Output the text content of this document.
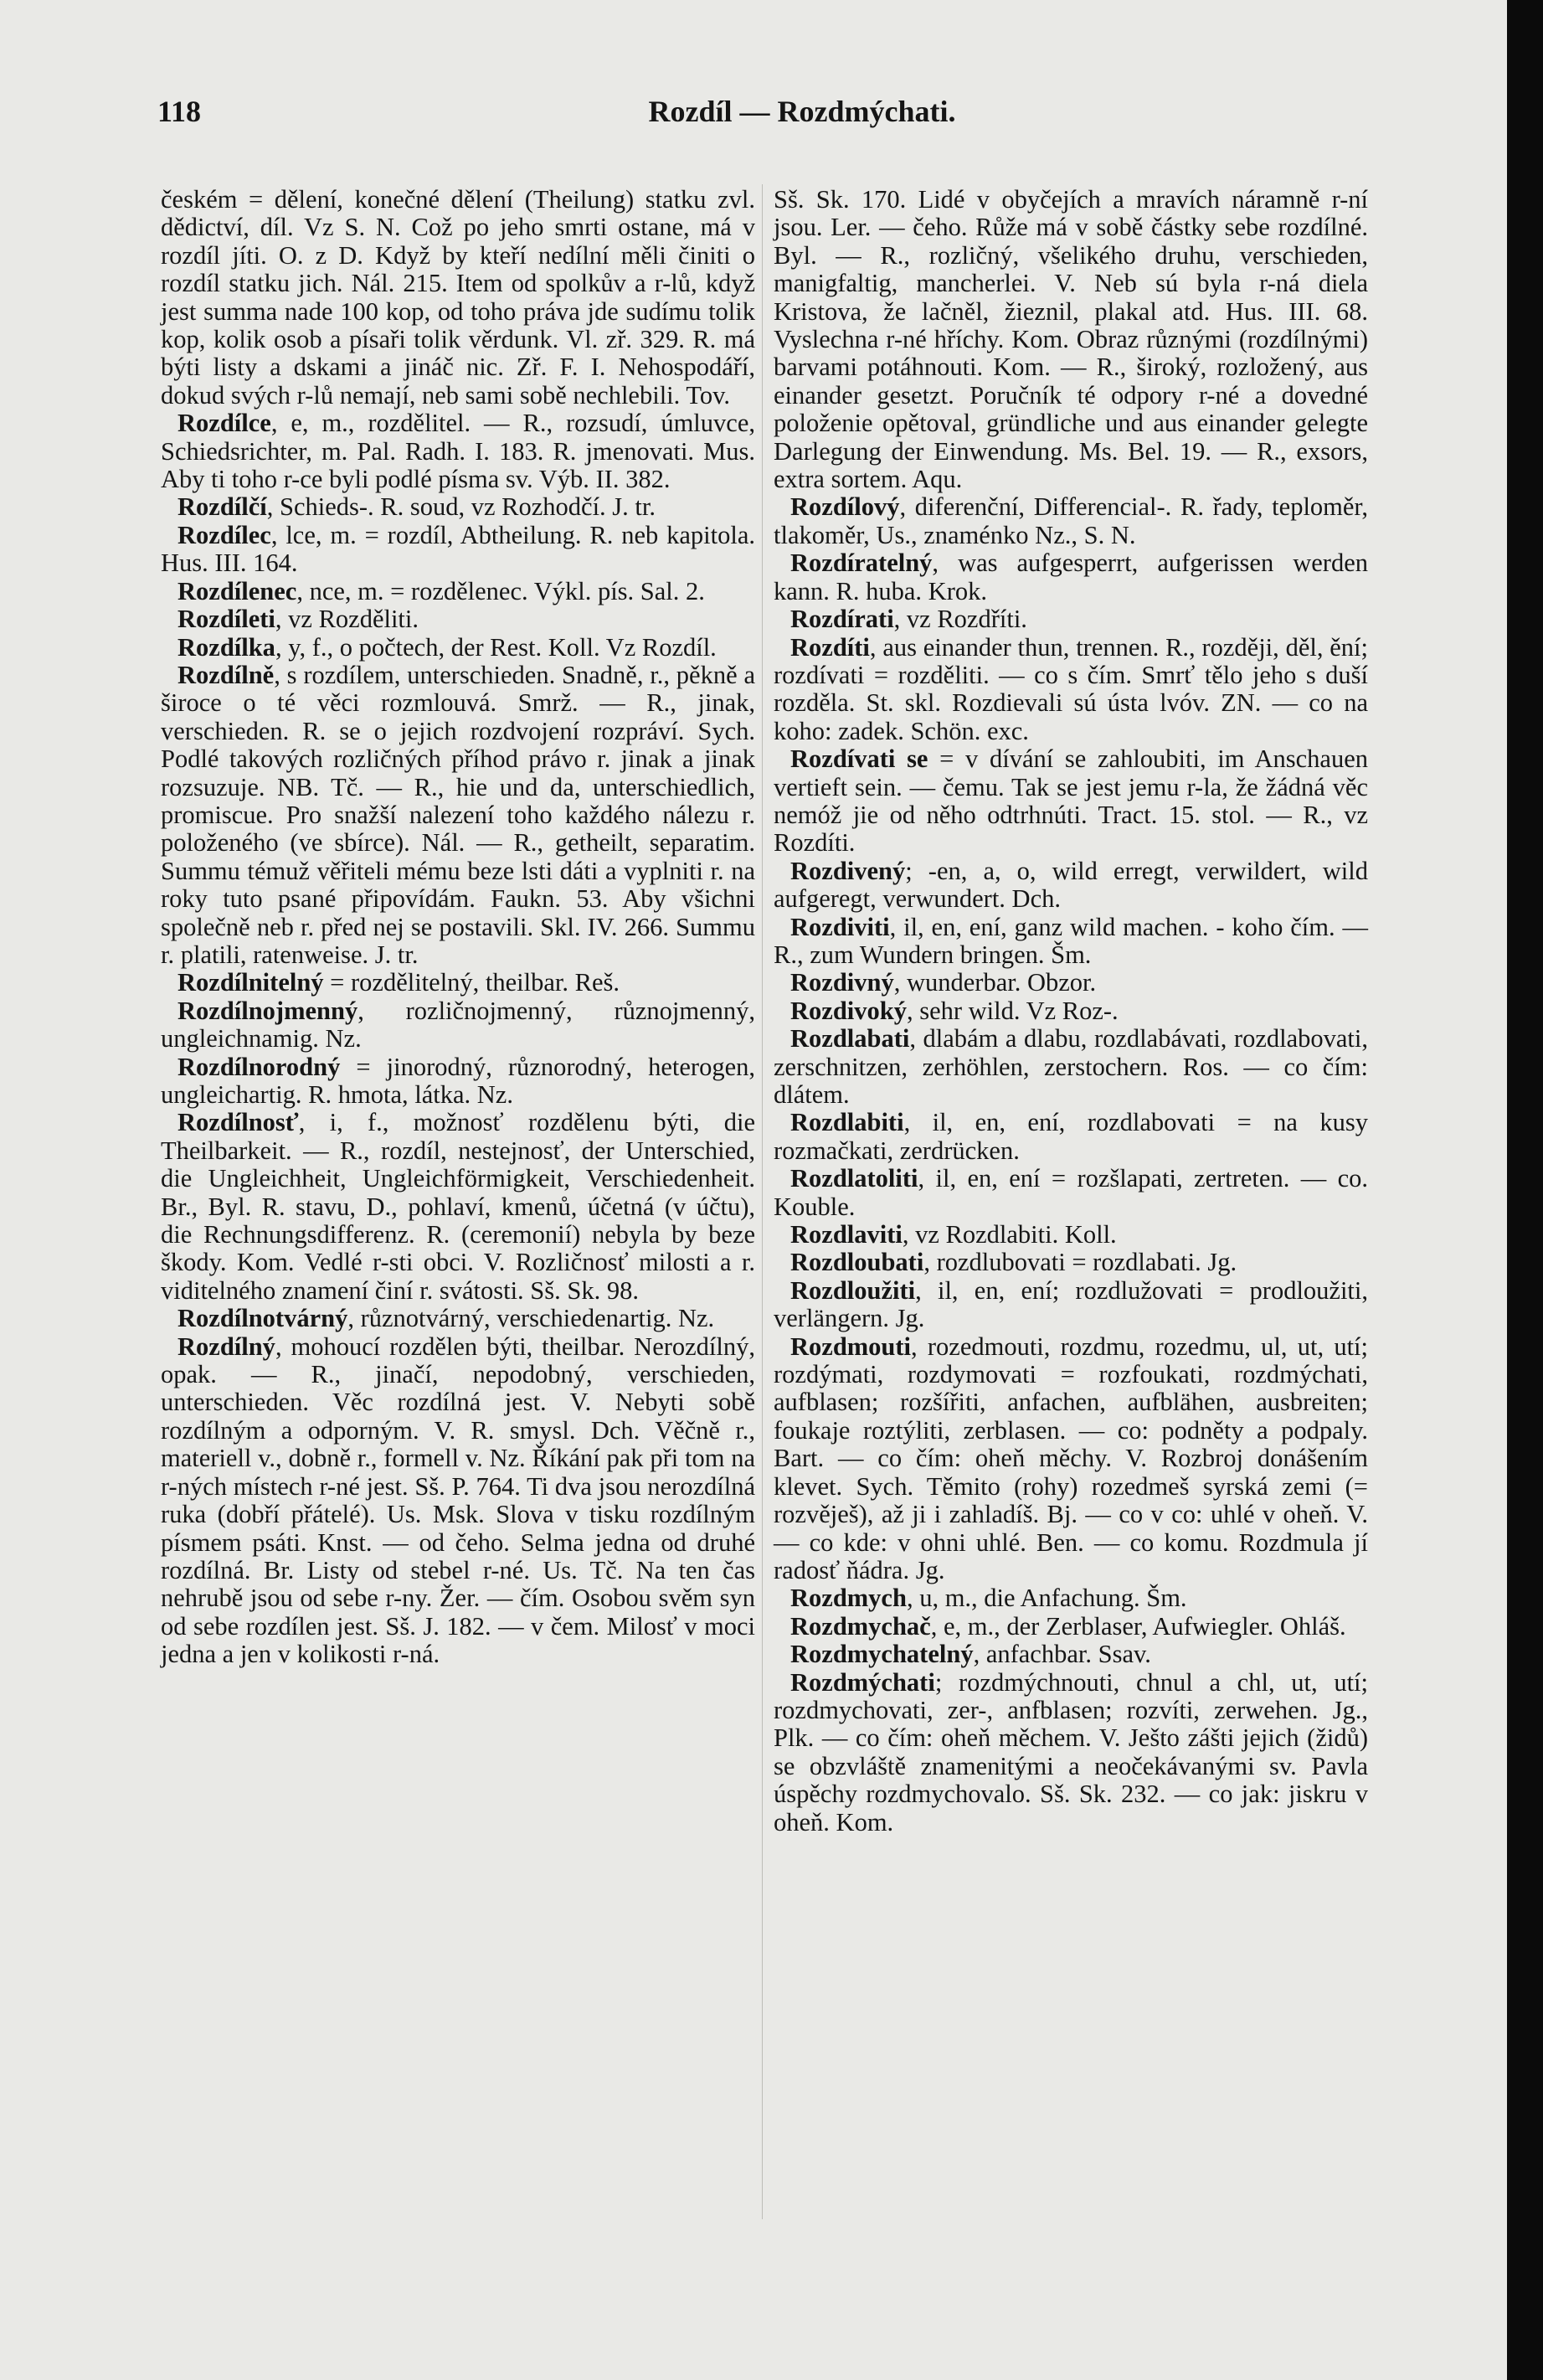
118	Rozdíl — Rozdmýchati.

českém = dělení, konečné dělení (Theilung) statku zvl. dědictví, díl. Vz S. N. Což po jeho smrti ostane, má v rozdíl jíti. O. z D. Když by kteří nedílní měli činiti o rozdíl statku jich. Nál. 215. Item od spolkův a r-lů, když jest summa nade 100 kop, od toho práva jde sudímu tolik kop, kolik osob a písaři tolik věrdunk. Vl. zř. 329. R. má býti listy a dskami a jináč nic. Zř. F. I. Nehospodáří, dokud svých r-lů nemají, neb sami sobě nechlebili. Tov.

Rozdílce, e, m., rozdělitel. — R., rozsudí, úmluvce, Schiedsrichter, m. Pal. Radh. I. 183. R. jmenovati. Mus. Aby ti toho r-ce byli podlé písma sv. Výb. II. 382.

Rozdílčí, Schieds-. R. soud, vz Rozhodčí. J. tr.

Rozdílec, lce, m. = rozdíl, Abtheilung. R. neb kapitola. Hus. III. 164.

Rozdílenec, nce, m. = rozdělenec. Výkl. pís. Sal. 2.

Rozdíleti, vz Rozděliti.

Rozdílka, y, f., o počtech, der Rest. Koll. Vz Rozdíl.

Rozdílně, s rozdílem, unterschieden. Snadně, r., pěkně a široce o té věci rozmlouvá. Smrž. — R., jinak, verschieden. R. se o jejich rozdvojení rozpráví. Sych. Podlé takových rozličných příhod právo r. jinak a jinak rozsuzuje. NB. Tč. — R., hie und da, unterschiedlich, promiscue. Pro snažší nalezení toho každého nálezu r. položeného (ve sbírce). Nál. — R., getheilt, separatim. Summu témuž věřiteli mému beze lsti dáti a vyplniti r. na roky tuto psané připovídám. Faukn. 53. Aby všichni společně neb r. před nej se postavili. Skl. IV. 266. Summu r. platili, ratenweise. J. tr.

Rozdílnitelný = rozdělitelný, theilbar. Reš.

Rozdílnojmenný, rozličnojmenný, různojmenný, ungleichnamig. Nz.

Rozdílnorodný = jinorodný, různorodný, heterogen, ungleichartig. R. hmota, látka. Nz.

Rozdílnosť, i, f., možnosť rozdělenu býti, die Theilbarkeit. — R., rozdíl, nestejnosť, der Unterschied, die Ungleichheit, Ungleichförmigkeit, Verschiedenheit. Br., Byl. R. stavu, D., pohlaví, kmenů, účetná (v účtu), die Rechnungsdifferenz. R. (ceremonií) nebyla by beze škody. Kom. Vedlé r-sti obci. V. Rozličnosť milosti a r. viditelného znamení činí r. svátosti. Sš. Sk. 98.

Rozdílnotvárný, různotvárný, verschiedenartig. Nz.

Rozdílný, mohoucí rozdělen býti, theilbar. Nerozdílný, opak. — R., jinačí, nepodobný, verschieden, unterschieden. Věc rozdílná jest. V. Nebyti sobě rozdílným a odporným. V. R. smysl. Dch. Věčně r., materiell v., dobně r., formell v. Nz. Říkání pak při tom na r-ných místech r-né jest. Sš. P. 764. Ti dva jsou nerozdílná ruka (dobří přátelé). Us. Msk. Slova v tisku rozdílným písmem psáti. Knst. — od čeho. Selma jedna od druhé rozdílná. Br. Listy od stebel r-né. Us. Tč. Na ten čas nehrubě jsou od sebe r-ny. Žer. — čím. Osobou svěm syn od sebe rozdílen jest. Sš. J. 182. — v čem. Milosť v moci jedna a jen v kolikosti r-ná.

Sš. Sk. 170. Lidé v obyčejích a mravích náramně r-ní jsou. Ler. — čeho. Růže má v sobě částky sebe rozdílné. Byl. — R., rozličný, všelikého druhu, verschieden, manigfaltig, mancherlei. V. Neb sú byla r-ná diela Kristova, že lačněl, žieznil, plakal atd. Hus. III. 68. Vyslechna r-né hříchy. Kom. Obraz různými (rozdílnými) barvami potáhnouti. Kom. — R., široký, rozložený, aus einander gesetzt. Poručník té odpory r-né a dovedné položenie opětoval, gründliche und aus einander gelegte Darlegung der Einwendung. Ms. Bel. 19. — R., exsors, extra sortem. Aqu.

Rozdílový, diferenční, Differencial-. R. řady, teploměr, tlakoměr, Us., znaménko Nz., S. N.

Rozdíratelný, was aufgesperrt, aufgerissen werden kann. R. huba. Krok.

Rozdírati, vz Rozdříti.

Rozdíti, aus einander thun, trennen. R., rozději, děl, ění; rozdívati = rozděliti. — co s čím. Smrť tělo jeho s duší rozděla. St. skl. Rozdievali sú ústa lvóv. ZN. — co na koho: zadek. Schön. exc.

Rozdívati se = v dívání se zahloubiti, im Anschauen vertieft sein. — čemu. Tak se jest jemu r-la, že žádná věc nemóž jie od něho odtrhnúti. Tract. 15. stol. — R., vz Rozdíti.

Rozdivený; -en, a, o, wild erregt, verwildert, wild aufgeregt, verwundert. Dch.

Rozdiviti, il, en, ení, ganz wild machen. - koho čím. — R., zum Wundern bringen. Šm.

Rozdivný, wunderbar. Obzor.

Rozdivoký, sehr wild. Vz Roz-.

Rozdlabati, dlabám a dlabu, rozdlabávati, rozdlabovati, zerschnitzen, zerhöhlen, zerstochern. Ros. — co čím: dlátem.

Rozdlabiti, il, en, ení, rozdlabovati = na kusy rozmačkati, zerdrücken.

Rozdlatoliti, il, en, ení = rozšlapati, zertreten. — co. Kouble.

Rozdlaviti, vz Rozdlabiti. Koll.

Rozdloubati, rozdlubovati = rozdlabati. Jg.

Rozdloužiti, il, en, ení; rozdlužovati = prodloužiti, verlängern. Jg.

Rozdmouti, rozedmouti, rozdmu, rozedmu, ul, ut, utí; rozdýmati, rozdymovati = rozfoukati, rozdmýchati, aufblasen; rozšířiti, anfachen, aufblähen, ausbreiten; foukaje roztýliti, zerblasen. — co: podněty a podpaly. Bart. — co čím: oheň měchy. V. Rozbroj donášením klevet. Sych. Těmito (rohy) rozedmeš syrská zemi (= rozvěješ), až ji i zahladíš. Bj. — co v co: uhlé v oheň. V. — co kde: v ohni uhlé. Ben. — co komu. Rozdmula jí radosť ňádra. Jg.

Rozdmych, u, m., die Anfachung. Šm.

Rozdmychač, e, m., der Zerblaser, Aufwiegler. Ohláš.

Rozdmychatelný, anfachbar. Ssav.

Rozdmýchati; rozdmýchnouti, chnul a chl, ut, utí; rozdmychovati, zer-, anfblasen; rozvíti, zerwehen. Jg., Plk. — co čím: oheň měchem. V. Ješto zášti jejich (židů) se obzvláště znamenitými a neočekávanými sv. Pavla úspěchy rozdmychovalo. Sš. Sk. 232. — co jak: jiskru v oheň. Kom.
